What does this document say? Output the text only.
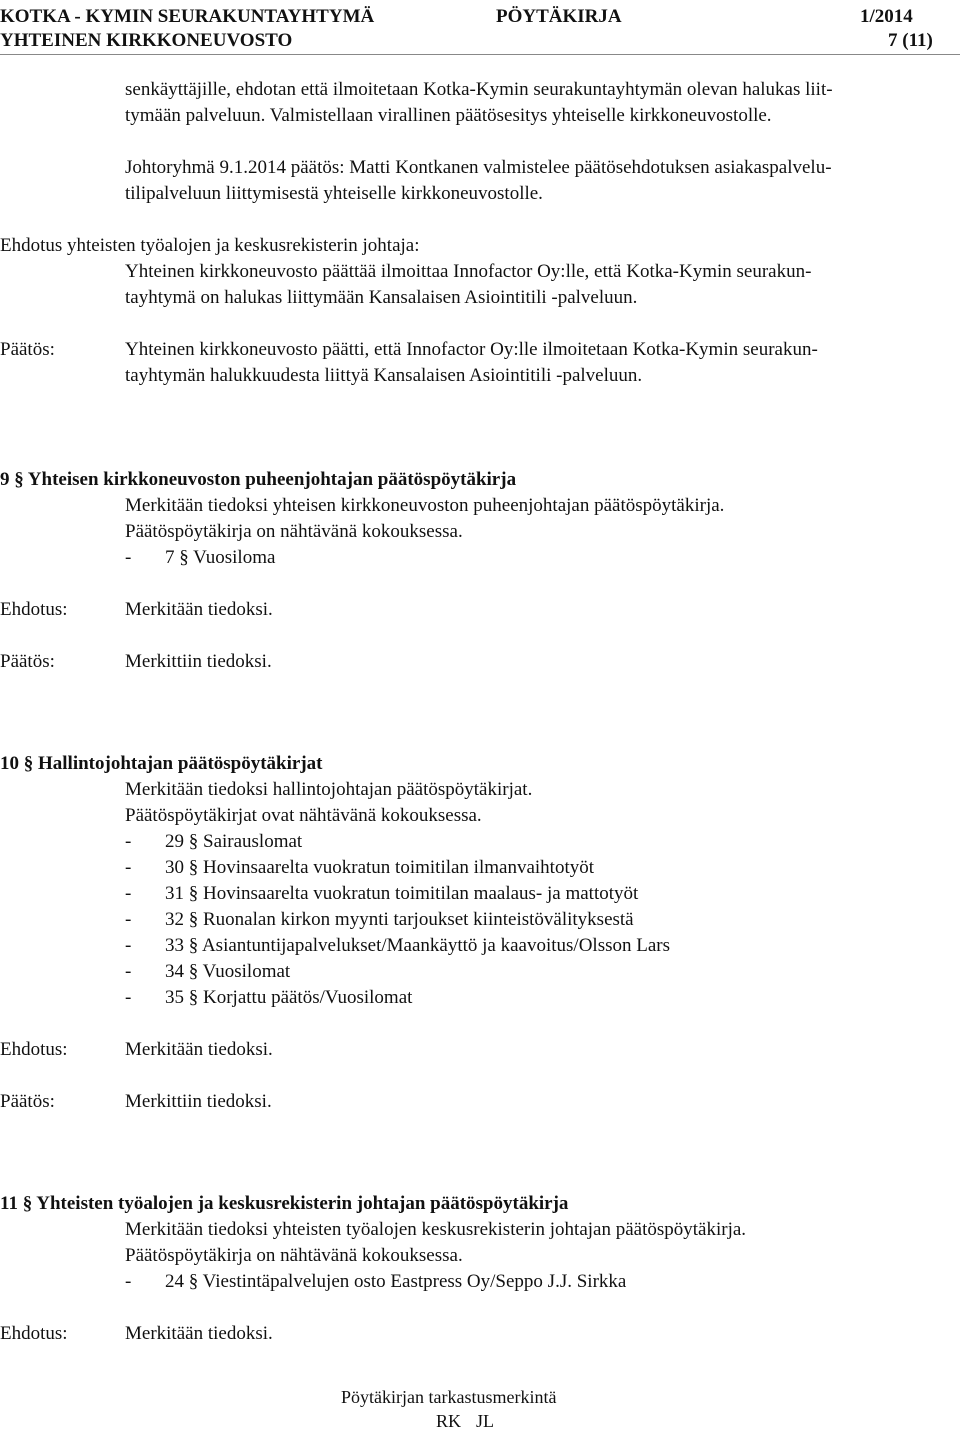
KOTKA - KYMIN SEURAKUNTAYHTYMÄ	PÖYTÄKIRJA	1/2014
YHTEINEN KIRKKONEUVOSTO	7 (11)
senkäyttäjille, ehdotan että ilmoitetaan Kotka-Kymin seurakuntayhtymän olevan halukas liit-
tymään palveluun. Valmistellaan virallinen päätösesitys yhteiselle kirkkoneuvostolle.
Johtoryhmä 9.1.2014 päätös: Matti Kontkanen valmistelee päätösehdotuksen asiakaspalvelu-
tilipalveluun liittymisestä yhteiselle kirkkoneuvostolle.
Ehdotus yhteisten työalojen ja keskusrekisterin johtaja:
Yhteinen kirkkoneuvosto päättää ilmoittaa Innofactor Oy:lle, että Kotka-Kymin seurakun-
tayhtymä on halukas liittymään Kansalaisen Asiointitili -palveluun.
Päätös:	Yhteinen kirkkoneuvosto päätti, että Innofactor Oy:lle ilmoitetaan Kotka-Kymin seurakun-
tayhtymän halukkuudesta liittyä Kansalaisen Asiointitili -palveluun.
9 § Yhteisen kirkkoneuvoston puheenjohtajan päätöspöytäkirja
Merkitään tiedoksi yhteisen kirkkoneuvoston puheenjohtajan päätöspöytäkirja.
Päätöspöytäkirja on nähtävänä kokouksessa.
- 7 § Vuosiloma
Ehdotus:	Merkitään tiedoksi.
Päätös:	Merkittiin tiedoksi.
10 § Hallintojohtajan päätöspöytäkirjat
Merkitään tiedoksi hallintojohtajan päätöspöytäkirjat.
Päätöspöytäkirjat ovat nähtävänä kokouksessa.
- 29 § Sairauslomat
- 30 § Hovinsaarelta vuokratun toimitilan ilmanvaihtotyöt
- 31 § Hovinsaarelta vuokratun toimitilan maalaus- ja mattotyöt
- 32 § Ruonalan kirkon myynti tarjoukset kiinteistövälityksestä
- 33 § Asiantuntijapalvelukset/Maankäyttö ja kaavoitus/Olsson Lars
- 34 § Vuosilomat
- 35 § Korjattu päätös/Vuosilomat
Ehdotus:	Merkitään tiedoksi.
Päätös:	Merkittiin tiedoksi.
11 § Yhteisten työalojen ja keskusrekisterin johtajan päätöspöytäkirja
Merkitään tiedoksi yhteisten työalojen keskusrekisterin johtajan päätöspöytäkirja.
Päätöspöytäkirja on nähtävänä kokouksessa.
- 24 § Viestintäpalvelujen osto Eastpress Oy/Seppo J.J. Sirkka
Ehdotus:	Merkitään tiedoksi.
Pöytäkirjan tarkastusmerkintä
RK JL
